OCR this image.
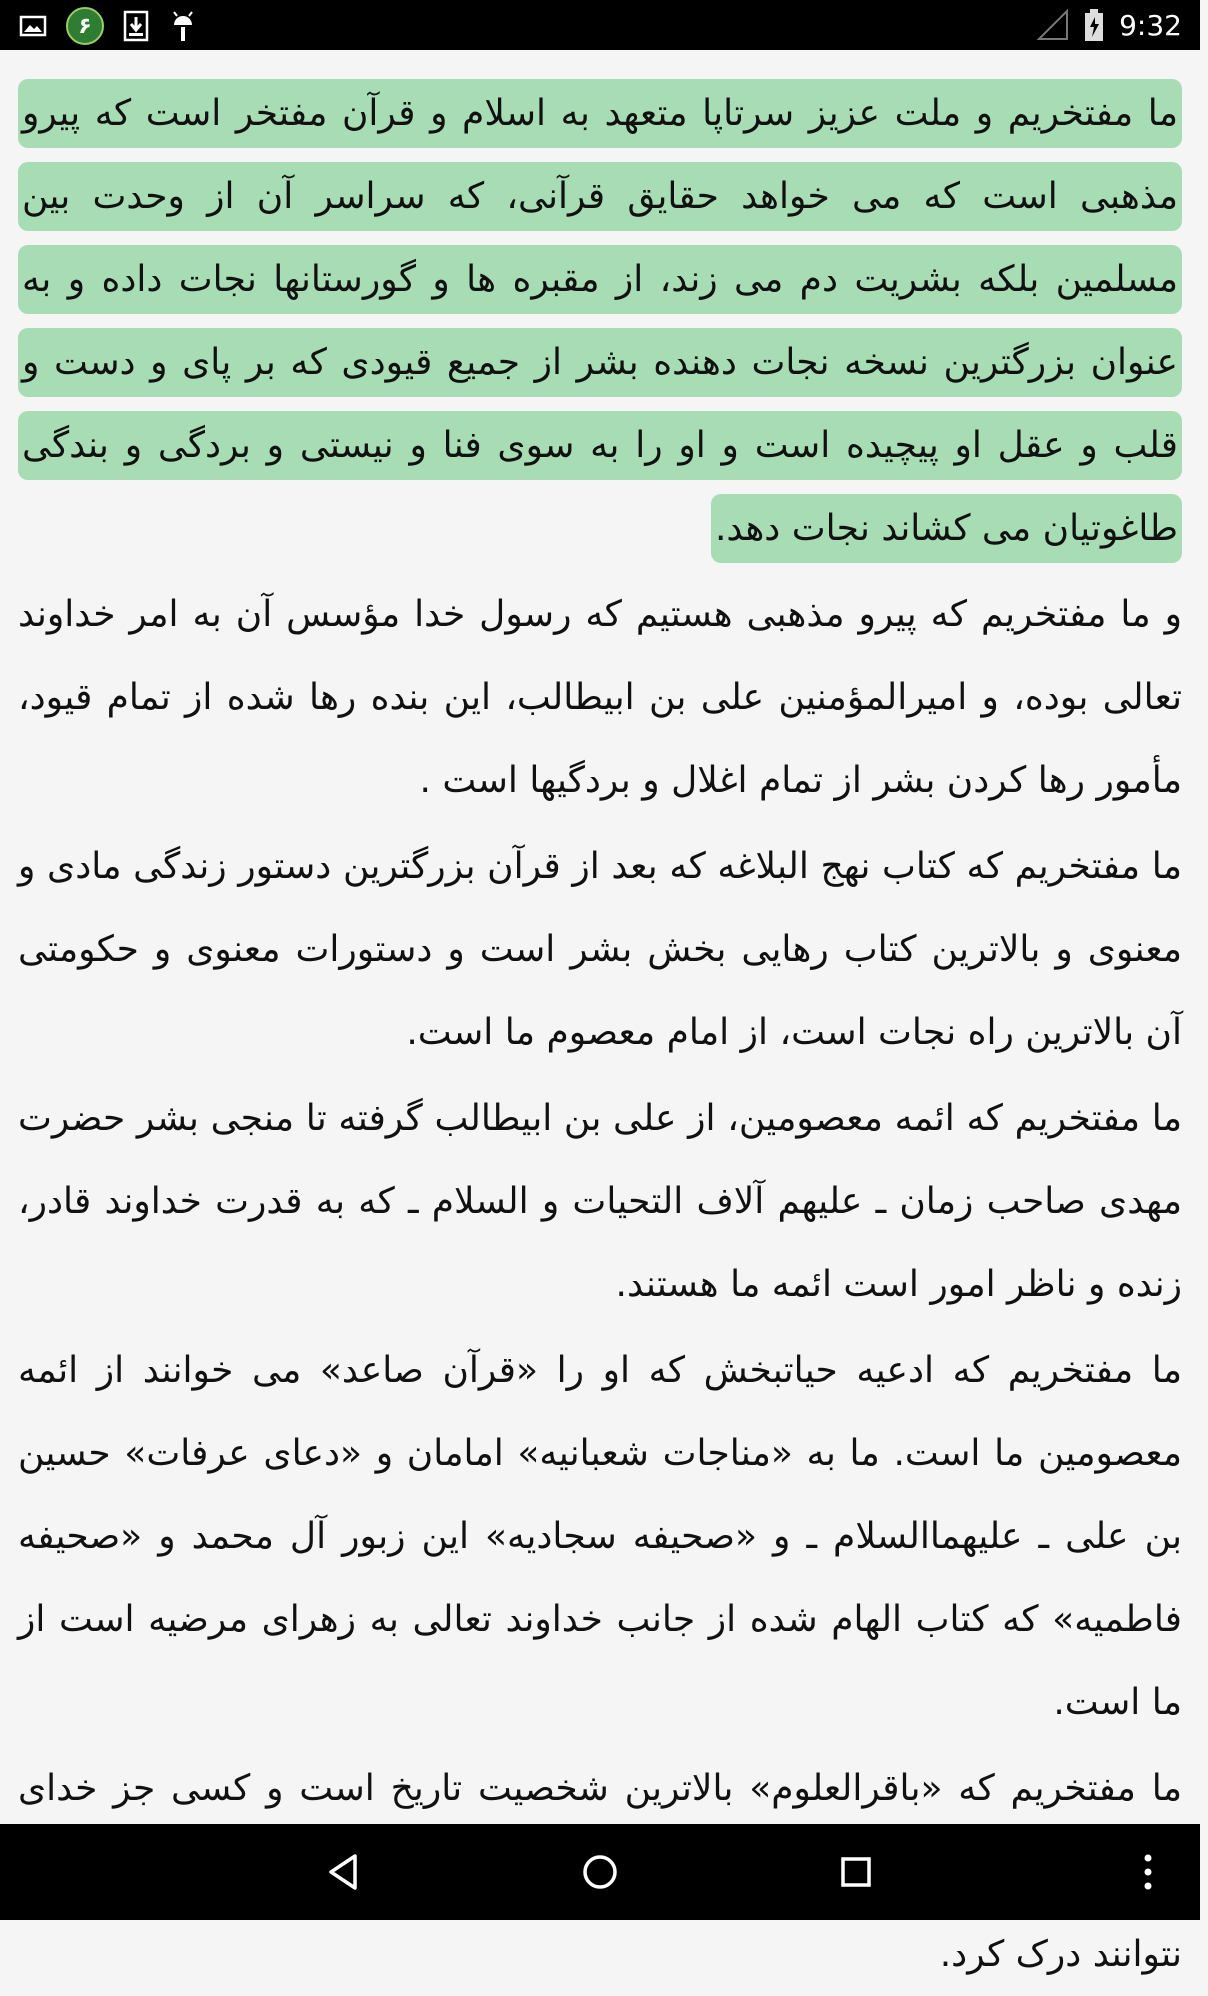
۶	9:32

ما مفتخریم و ملت عزیز سرتاپا متعهد به اسلام و قرآن مفتخر است که پیرو مذهبی است که می خواهد حقایق قرآنی، که سراسر آن از وحدت بین مسلمین بلکه بشریت دم می زند، از مقبره ها و گورستانها نجات داده و به عنوان بزرگترین نسخه نجات دهنده بشر از جمیع قیودی که بر پای و دست و قلب و عقل او پیچیده است و او را به سوی فنا و نیستی و بردگی و بندگی طاغوتیان می کشاند نجات دهد.

و ما مفتخریم که پیرو مذهبی هستیم که رسول خدا مؤسس آن به امر خداوند تعالی بوده، و امیرالمؤمنین علی بن ابیطالب، این بنده رها شده از تمام قیود، مأمور رها کردن بشر از تمام اغلال و بردگیها است .

ما مفتخریم که کتاب نهج البلاغه که بعد از قرآن بزرگترین دستور زندگی مادی و معنوی و بالاترین کتاب رهایی بخش بشر است و دستورات معنوی و حکومتی آن بالاترین راه نجات است، از امام معصوم ما است.

ما مفتخریم که ائمه معصومین، از علی بن ابیطالب گرفته تا منجی بشر حضرت مهدی صاحب زمان ـ علیهم آلاف التحیات و السلام ـ که به قدرت خداوند قادر، زنده و ناظر امور است ائمه ما هستند.

ما مفتخریم که ادعیه حیاتبخش که او را «قرآن صاعد» می خوانند از ائمه معصومین ما است. ما به «مناجات شعبانیه» امامان و «دعای عرفات» حسین بن علی ـ علیهماالسلام ـ و «صحیفه سجادیه» این زبور آل محمد و «صحیفه فاطمیه» که کتاب الهام شده از جانب خداوند تعالی به زهرای مرضیه است از ما است.

ما مفتخریم که «باقرالعلوم» بالاترین شخصیت تاریخ است و کسی جز خدای نتوانند درک کرد.
